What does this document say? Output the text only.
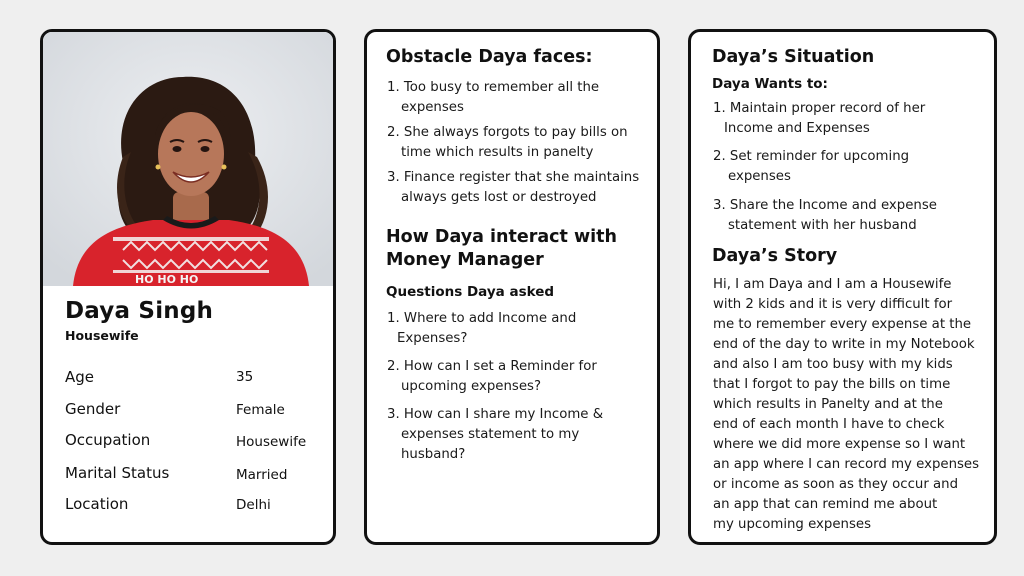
HO HO HO
Daya Singh
Housewife
Age	35
Gender	Female
Occupation	Housewife
Marital Status	Married
Location	Delhi
Obstacle Daya faces:
1. Too busy to remember all the
expenses
2. She always forgots to pay bills on
time which results in panelty
3. Finance register that she maintains
always gets lost or destroyed
How Daya interact with
Money Manager
Questions Daya asked
1. Where to add Income and
Expenses?
2. How can I set a Reminder for
upcoming expenses?
3. How can I share my Income &
expenses statement to my
husband?
Daya’s Situation
Daya Wants to:
1. Maintain proper record of her
Income and Expenses
2. Set reminder for upcoming
expenses
3. Share the Income and expense
statement with her husband
Daya’s Story
Hi, I am Daya and I am a Housewife
with 2 kids and it is very difficult for
me to remember every expense at the
end of the day to write in my Notebook
and also I am too busy with my kids
that I forgot to pay the bills on time
which results in Panelty and at the
end of each month I have to check
where we did more expense so I want
an app where I can record my expenses
or income as soon as they occur and
an app that can remind me about
my upcoming expenses
